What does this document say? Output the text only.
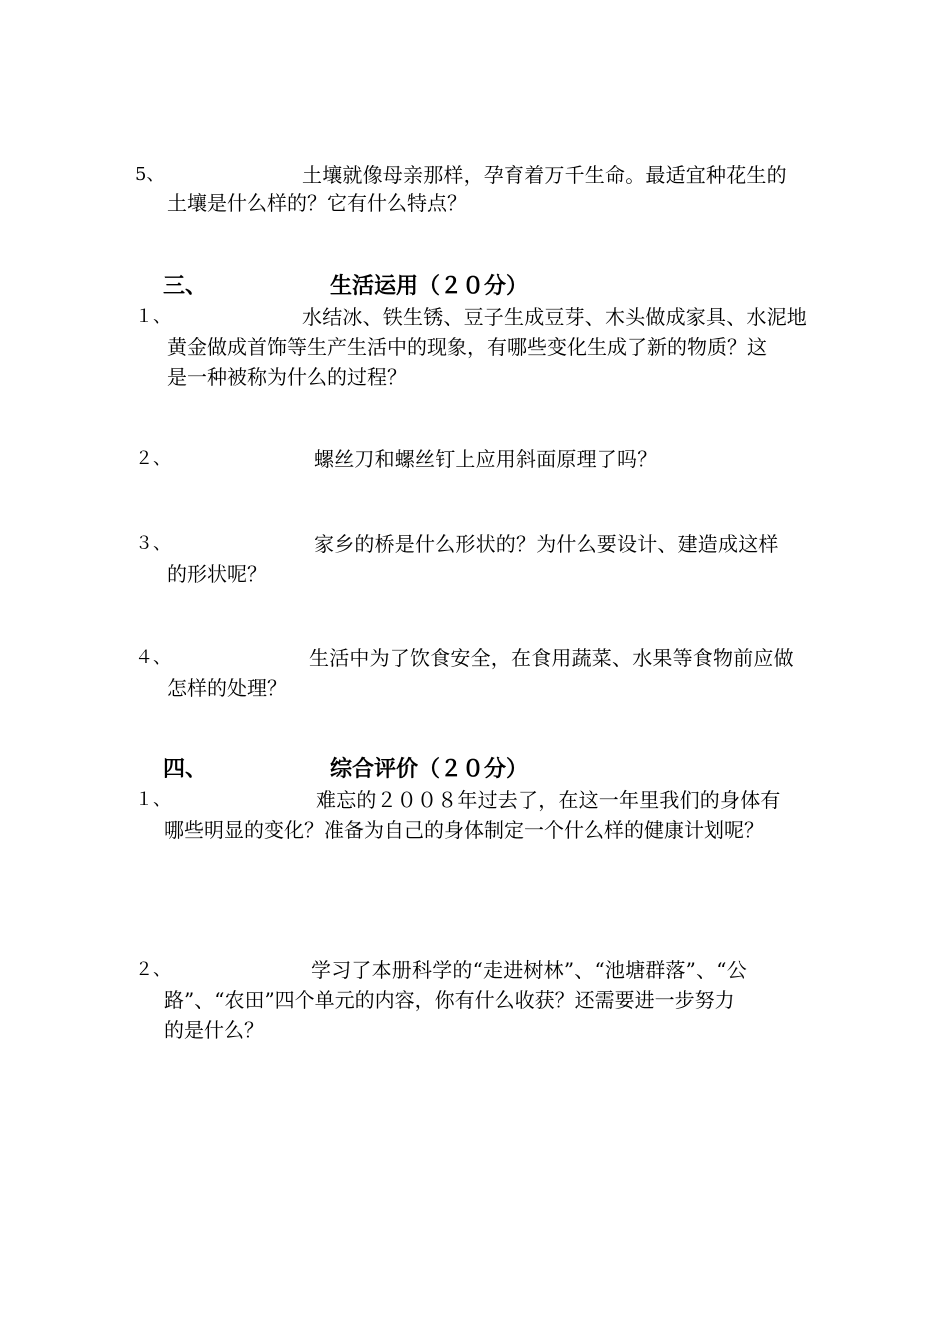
5、	土壤就像母亲那样，孕育着万千生命。最适宜种花生的
土壤是什么样的？它有什么特点？
三、	生活运用（２０分）
１、	水结冰、铁生锈、豆子生成豆芽、木头做成家具、水泥地
黄金做成首饰等生产生活中的现象，有哪些变化生成了新的物质？这
是一种被称为什么的过程？
２、	螺丝刀和螺丝钉上应用斜面原理了吗？
３、	家乡的桥是什么形状的？为什么要设计、建造成这样
的形状呢？
４、	生活中为了饮食安全，在食用蔬菜、水果等食物前应做
怎样的处理？
四、	综合评价（２０分）
１、	难忘的２００８年过去了，在这一年里我们的身体有
哪些明显的变化？准备为自己的身体制定一个什么样的健康计划呢？
２、	学习了本册科学的“走进树林”、“池塘群落”、“公
路”、“农田”四个单元的内容，你有什么收获？还需要进一步努力
的是什么？
